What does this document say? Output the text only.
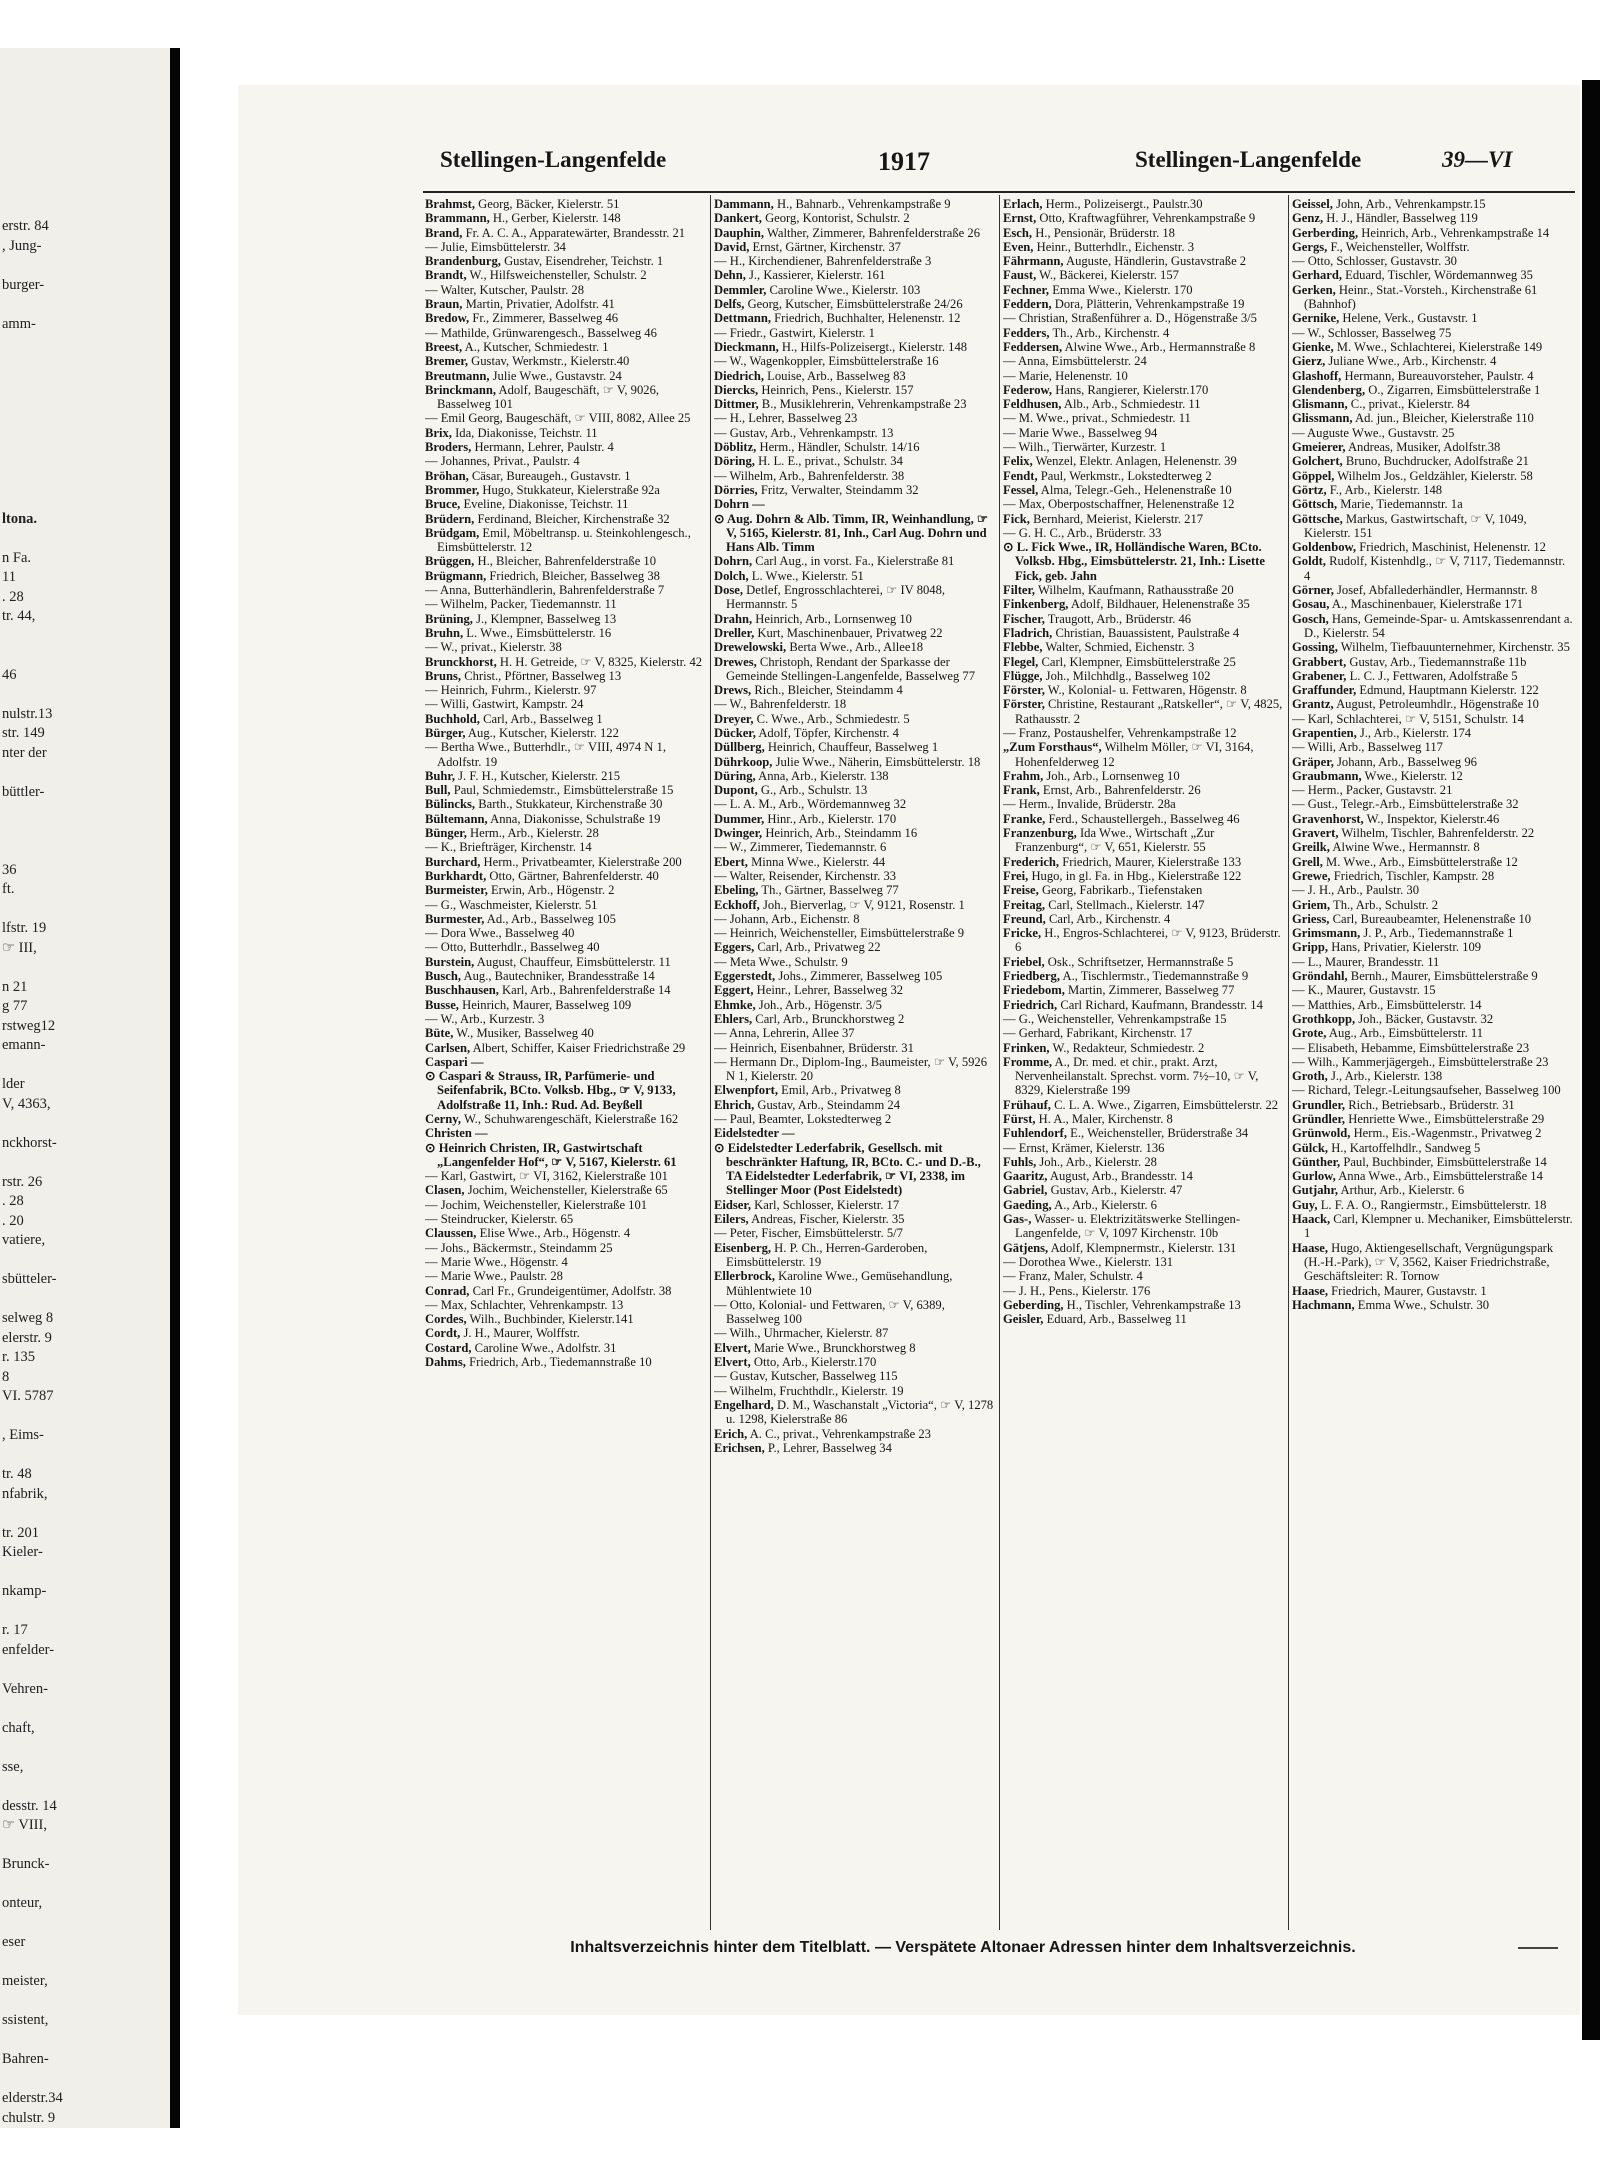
erstr. 84
, Jung-
burger-
amm-
ltona.
n Fa.
11
. 28
tr. 44,
46
nulstr.13
str. 149
nter der
büttler-
36
ft.
lfstr. 19
☞ III,
n 21
g 77
rstweg12
emann-
lder
V, 4363,
nckhorst-
rstr. 26
. 28
. 20
vatiere,
sbütteler-
selweg 8
elerstr. 9
r. 135
8
VI. 5787
, Eims-
tr. 48
nfabrik,
tr. 201
Kieler-
nkamp-
r. 17
enfelder-
Vehren-
chaft,
sse,
desstr. 14
☞ VIII,
Brunck-
onteur,
eser
meister,
ssistent,
Bahren-
elderstr.34
chulstr. 9
Stellingen-Langenfelde	1917	Stellingen-Langenfelde	39—VI

Brahmst, Georg, Bäcker, Kielerstr. 51

Brammann, H., Gerber, Kielerstr. 148

Brand, Fr. A. C. A., Apparatewärter, Brandesstr. 21

— Julie, Eimsbüttelerstr. 34

Brandenburg, Gustav, Eisendreher, Teichstr. 1

Brandt, W., Hilfsweichensteller, Schulstr. 2

— Walter, Kutscher, Paulstr. 28

Braun, Martin, Privatier, Adolfstr. 41

Bredow, Fr., Zimmerer, Basselweg 46

— Mathilde, Grünwarengesch., Basselweg 46

Breest, A., Kutscher, Schmiedestr. 1

Bremer, Gustav, Werkmstr., Kielerstr.40

Breutmann, Julie Wwe., Gustavstr. 24

Brinckmann, Adolf, Baugeschäft, ☞ V, 9026, Basselweg 101

— Emil Georg, Baugeschäft, ☞ VIII, 8082, Allee 25

Brix, Ida, Diakonisse, Teichstr. 11

Broders, Hermann, Lehrer, Paulstr. 4

— Johannes, Privat., Paulstr. 4

Bröhan, Cäsar, Bureaugeh., Gustavstr. 1

Brommer, Hugo, Stukkateur, Kielerstraße 92a

Bruce, Eveline, Diakonisse, Teichstr. 11

Brüdern, Ferdinand, Bleicher, Kirchenstraße 32

Brüdgam, Emil, Möbeltransp. u. Steinkohlengesch., Eimsbüttelerstr. 12

Brüggen, H., Bleicher, Bahrenfelderstraße 10

Brügmann, Friedrich, Bleicher, Basselweg 38

— Anna, Butterhändlerin, Bahrenfelderstraße 7

— Wilhelm, Packer, Tiedemannstr. 11

Brüning, J., Klempner, Basselweg 13

Bruhn, L. Wwe., Eimsbüttelerstr. 16

— W., privat., Kielerstr. 38

Brunckhorst, H. H. Getreide, ☞ V, 8325, Kielerstr. 42

Bruns, Christ., Pförtner, Basselweg 13

— Heinrich, Fuhrm., Kielerstr. 97

— Willi, Gastwirt, Kampstr. 24

Buchhold, Carl, Arb., Basselweg 1

Bürger, Aug., Kutscher, Kielerstr. 122

— Bertha Wwe., Butterhdlr., ☞ VIII, 4974 N 1, Adolfstr. 19

Buhr, J. F. H., Kutscher, Kielerstr. 215

Bull, Paul, Schmiedemstr., Eimsbüttelerstraße 15

Bülincks, Barth., Stukkateur, Kirchenstraße 30

Bültemann, Anna, Diakonisse, Schulstraße 19

Bünger, Herm., Arb., Kielerstr. 28

— K., Briefträger, Kirchenstr. 14

Burchard, Herm., Privatbeamter, Kielerstraße 200

Burkhardt, Otto, Gärtner, Bahrenfelderstr. 40

Burmeister, Erwin, Arb., Högenstr. 2

— G., Waschmeister, Kielerstr. 51

Burmester, Ad., Arb., Basselweg 105

— Dora Wwe., Basselweg 40

— Otto, Butterhdlr., Basselweg 40

Burstein, August, Chauffeur, Eimsbüttelerstr. 11

Busch, Aug., Bautechniker, Brandesstraße 14

Buschhausen, Karl, Arb., Bahrenfelderstraße 14

Busse, Heinrich, Maurer, Basselweg 109

— W., Arb., Kurzestr. 3

Büte, W., Musiker, Basselweg 40

Carlsen, Albert, Schiffer, Kaiser Friedrichstraße 29

Caspari —

⊙ Caspari & Strauss, IR, Parfümerie- und Seifenfabrik, BCto. Volksb. Hbg., ☞ V, 9133, Adolfstraße 11, Inh.: Rud. Ad. Beyßell

Cerny, W., Schuhwarengeschäft, Kielerstraße 162

Christen —

⊙ Heinrich Christen, IR, Gastwirtschaft „Langenfelder Hof“, ☞ V, 5167, Kielerstr. 61

— Karl, Gastwirt, ☞ VI, 3162, Kielerstraße 101

Clasen, Jochim, Weichensteller, Kielerstraße 65

— Jochim, Weichensteller, Kielerstraße 101

— Steindrucker, Kielerstr. 65

Claussen, Elise Wwe., Arb., Högenstr. 4

— Johs., Bäckermstr., Steindamm 25

— Marie Wwe., Högenstr. 4

— Marie Wwe., Paulstr. 28

Conrad, Carl Fr., Grundeigentümer, Adolfstr. 38

— Max, Schlachter, Vehrenkampstr. 13

Cordes, Wilh., Buchbinder, Kielerstr.141

Cordt, J. H., Maurer, Wolffstr.

Costard, Caroline Wwe., Adolfstr. 31

Dahms, Friedrich, Arb., Tiedemannstraße 10

Dammann, H., Bahnarb., Vehrenkampstraße 9

Dankert, Georg, Kontorist, Schulstr. 2

Dauphin, Walther, Zimmerer, Bahrenfelderstraße 26

David, Ernst, Gärtner, Kirchenstr. 37

— H., Kirchendiener, Bahrenfelderstraße 3

Dehn, J., Kassierer, Kielerstr. 161

Demmler, Caroline Wwe., Kielerstr. 103

Delfs, Georg, Kutscher, Eimsbüttelerstraße 24/26

Dettmann, Friedrich, Buchhalter, Helenenstr. 12

— Friedr., Gastwirt, Kielerstr. 1

Dieckmann, H., Hilfs-Polizeisergt., Kielerstr. 148

— W., Wagenkoppler, Eimsbüttelerstraße 16

Diedrich, Louise, Arb., Basselweg 83

Diercks, Heinrich, Pens., Kielerstr. 157

Dittmer, B., Musiklehrerin, Vehrenkampstraße 23

— H., Lehrer, Basselweg 23

— Gustav, Arb., Vehrenkampstr. 13

Döblitz, Herm., Händler, Schulstr. 14/16

Döring, H. L. E., privat., Schulstr. 34

— Wilhelm, Arb., Bahrenfelderstr. 38

Dörries, Fritz, Verwalter, Steindamm 32

Dohrn —

⊙ Aug. Dohrn & Alb. Timm, IR, Weinhandlung, ☞ V, 5165, Kielerstr. 81, Inh., Carl Aug. Dohrn und Hans Alb. Timm

Dohrn, Carl Aug., in vorst. Fa., Kielerstraße 81

Dolch, L. Wwe., Kielerstr. 51

Dose, Detlef, Engrosschlachterei, ☞ IV 8048, Hermannstr. 5

Drahn, Heinrich, Arb., Lornsenweg 10

Dreller, Kurt, Maschinenbauer, Privatweg 22

Drewelowski, Berta Wwe., Arb., Allee18

Drewes, Christoph, Rendant der Sparkasse der Gemeinde Stellingen-Langenfelde, Basselweg 77

Drews, Rich., Bleicher, Steindamm 4

— W., Bahrenfelderstr. 18

Dreyer, C. Wwe., Arb., Schmiedestr. 5

Dücker, Adolf, Töpfer, Kirchenstr. 4

Düllberg, Heinrich, Chauffeur, Basselweg 1

Dührkoop, Julie Wwe., Näherin, Eimsbüttelerstr. 18

Düring, Anna, Arb., Kielerstr. 138

Dupont, G., Arb., Schulstr. 13

— L. A. M., Arb., Wördemannweg 32

Dummer, Hinr., Arb., Kielerstr. 170

Dwinger, Heinrich, Arb., Steindamm 16

— W., Zimmerer, Tiedemannstr. 6

Ebert, Minna Wwe., Kielerstr. 44

— Walter, Reisender, Kirchenstr. 33

Ebeling, Th., Gärtner, Basselweg 77

Eckhoff, Joh., Bierverlag, ☞ V, 9121, Rosenstr. 1

— Johann, Arb., Eichenstr. 8

— Heinrich, Weichensteller, Eimsbüttelerstraße 9

Eggers, Carl, Arb., Privatweg 22

— Meta Wwe., Schulstr. 9

Eggerstedt, Johs., Zimmerer, Basselweg 105

Eggert, Heinr., Lehrer, Basselweg 32

Ehmke, Joh., Arb., Högenstr. 3/5

Ehlers, Carl, Arb., Brunckhorstweg 2

— Anna, Lehrerin, Allee 37

— Heinrich, Eisenbahner, Brüderstr. 31

— Hermann Dr., Diplom-Ing., Baumeister, ☞ V, 5926 N 1, Kielerstr. 20

Elwenpfort, Emil, Arb., Privatweg 8

Ehrich, Gustav, Arb., Steindamm 24

— Paul, Beamter, Lokstedterweg 2

Eidelstedter —

⊙ Eidelstedter Lederfabrik, Gesellsch. mit beschränkter Haftung, IR, BCto. C.- und D.-B., TA Eidelstedter Lederfabrik, ☞ VI, 2338, im Stellinger Moor (Post Eidelstedt)

Eidser, Karl, Schlosser, Kielerstr. 17

Eilers, Andreas, Fischer, Kielerstr. 35

— Peter, Fischer, Eimsbüttelerstr. 5/7

Eisenberg, H. P. Ch., Herren-Garderoben, Eimsbüttelerstr. 19

Ellerbrock, Karoline Wwe., Gemüsehandlung, Mühlentwiete 10

— Otto, Kolonial- und Fettwaren, ☞ V, 6389, Basselweg 100

— Wilh., Uhrmacher, Kielerstr. 87

Elvert, Marie Wwe., Brunckhorstweg 8

Elvert, Otto, Arb., Kielerstr.170

— Gustav, Kutscher, Basselweg 115

— Wilhelm, Fruchthdlr., Kielerstr. 19

Engelhard, D. M., Waschanstalt „Victoria“, ☞ V, 1278 u. 1298, Kielerstraße 86

Erich, A. C., privat., Vehrenkampstraße 23

Erichsen, P., Lehrer, Basselweg 34

Erlach, Herm., Polizeisergt., Paulstr.30

Ernst, Otto, Kraftwagführer, Vehrenkampstraße 9

Esch, H., Pensionär, Brüderstr. 18

Even, Heinr., Butterhdlr., Eichenstr. 3

Fährmann, Auguste, Händlerin, Gustavstraße 2

Faust, W., Bäckerei, Kielerstr. 157

Fechner, Emma Wwe., Kielerstr. 170

Feddern, Dora, Plätterin, Vehrenkampstraße 19

— Christian, Straßenführer a. D., Högenstraße 3/5

Fedders, Th., Arb., Kirchenstr. 4

Feddersen, Alwine Wwe., Arb., Hermannstraße 8

— Anna, Eimsbüttelerstr. 24

— Marie, Helenenstr. 10

Federow, Hans, Rangierer, Kielerstr.170

Feldhusen, Alb., Arb., Schmiedestr. 11

— M. Wwe., privat., Schmiedestr. 11

— Marie Wwe., Basselweg 94

— Wilh., Tierwärter, Kurzestr. 1

Felix, Wenzel, Elektr. Anlagen, Helenenstr. 39

Fendt, Paul, Werkmstr., Lokstedterweg 2

Fessel, Alma, Telegr.-Geh., Helenenstraße 10

— Max, Oberpostschaffner, Helenenstraße 12

Fick, Bernhard, Meierist, Kielerstr. 217

— G. H. C., Arb., Brüderstr. 33

⊙ L. Fick Wwe., IR, Holländische Waren, BCto. Volksb. Hbg., Eimsbüttelerstr. 21, Inh.: Lisette Fick, geb. Jahn

Filter, Wilhelm, Kaufmann, Rathausstraße 20

Finkenberg, Adolf, Bildhauer, Helenenstraße 35

Fischer, Traugott, Arb., Brüderstr. 46

Fladrich, Christian, Bauassistent, Paulstraße 4

Flebbe, Walter, Schmied, Eichenstr. 3

Flegel, Carl, Klempner, Eimsbüttelerstraße 25

Flügge, Joh., Milchhdlg., Basselweg 102

Förster, W., Kolonial- u. Fettwaren, Högenstr. 8

Förster, Christine, Restaurant „Ratskeller“, ☞ V, 4825, Rathausstr. 2

— Franz, Postaushelfer, Vehrenkampstraße 12

„Zum Forsthaus“, Wilhelm Möller, ☞ VI, 3164, Hohenfelderweg 12

Frahm, Joh., Arb., Lornsenweg 10

Frank, Ernst, Arb., Bahrenfelderstr. 26

— Herm., Invalide, Brüderstr. 28a

Franke, Ferd., Schaustellergeh., Basselweg 46

Franzenburg, Ida Wwe., Wirtschaft „Zur Franzenburg“, ☞ V, 651, Kielerstr. 55

Frederich, Friedrich, Maurer, Kielerstraße 133

Frei, Hugo, in gl. Fa. in Hbg., Kielerstraße 122

Freise, Georg, Fabrikarb., Tiefenstaken

Freitag, Carl, Stellmach., Kielerstr. 147

Freund, Carl, Arb., Kirchenstr. 4

Fricke, H., Engros-Schlachterei, ☞ V, 9123, Brüderstr. 6

Friebel, Osk., Schriftsetzer, Hermannstraße 5

Friedberg, A., Tischlermstr., Tiedemannstraße 9

Friedebom, Martin, Zimmerer, Basselweg 77

Friedrich, Carl Richard, Kaufmann, Brandesstr. 14

— G., Weichensteller, Vehrenkampstraße 15

— Gerhard, Fabrikant, Kirchenstr. 17

Frinken, W., Redakteur, Schmiedestr. 2

Fromme, A., Dr. med. et chir., prakt. Arzt, Nervenheilanstalt. Sprechst. vorm. 7½–10, ☞ V, 8329, Kielerstraße 199

Frühauf, C. L. A. Wwe., Zigarren, Eimsbüttelerstr. 22

Fürst, H. A., Maler, Kirchenstr. 8

Fuhlendorf, E., Weichensteller, Brüderstraße 34

— Ernst, Krämer, Kielerstr. 136

Fuhls, Joh., Arb., Kielerstr. 28

Gaaritz, August, Arb., Brandesstr. 14

Gabriel, Gustav, Arb., Kielerstr. 47

Gaeding, A., Arb., Kielerstr. 6

Gas-, Wasser- u. Elektrizitätswerke Stellingen-Langenfelde, ☞ V, 1097 Kirchenstr. 10b

Gätjens, Adolf, Klempnermstr., Kielerstr. 131

— Dorothea Wwe., Kielerstr. 131

— Franz, Maler, Schulstr. 4

— J. H., Pens., Kielerstr. 176

Geberding, H., Tischler, Vehrenkampstraße 13

Geisler, Eduard, Arb., Basselweg 11

Geissel, John, Arb., Vehrenkampstr.15

Genz, H. J., Händler, Basselweg 119

Gerberding, Heinrich, Arb., Vehrenkampstraße 14

Gergs, F., Weichensteller, Wolffstr.

— Otto, Schlosser, Gustavstr. 30

Gerhard, Eduard, Tischler, Wördemannweg 35

Gerken, Heinr., Stat.-Vorsteh., Kirchenstraße 61 (Bahnhof)

Gernike, Helene, Verk., Gustavstr. 1

— W., Schlosser, Basselweg 75

Gienke, M. Wwe., Schlachterei, Kielerstraße 149

Gierz, Juliane Wwe., Arb., Kirchenstr. 4

Glashoff, Hermann, Bureauvorsteher, Paulstr. 4

Glendenberg, O., Zigarren, Eimsbüttelerstraße 1

Glismann, C., privat., Kielerstr. 84

Glissmann, Ad. jun., Bleicher, Kielerstraße 110

— Auguste Wwe., Gustavstr. 25

Gmeierer, Andreas, Musiker, Adolfstr.38

Golchert, Bruno, Buchdrucker, Adolfstraße 21

Göppel, Wilhelm Jos., Geldzähler, Kielerstr. 58

Görtz, F., Arb., Kielerstr. 148

Göttsch, Marie, Tiedemannstr. 1a

Göttsche, Markus, Gastwirtschaft, ☞ V, 1049, Kielerstr. 151

Goldenbow, Friedrich, Maschinist, Helenenstr. 12

Goldt, Rudolf, Kistenhdlg., ☞ V, 7117, Tiedemannstr. 4

Görner, Josef, Abfallederhändler, Hermannstr. 8

Gosau, A., Maschinenbauer, Kielerstraße 171

Gosch, Hans, Gemeinde-Spar- u. Amtskassenrendant a. D., Kielerstr. 54

Gossing, Wilhelm, Tiefbauunternehmer, Kirchenstr. 35

Grabbert, Gustav, Arb., Tiedemannstraße 11b

Grabener, L. C. J., Fettwaren, Adolfstraße 5

Graffunder, Edmund, Hauptmann Kielerstr. 122

Grantz, August, Petroleumhdlr., Högenstraße 10

— Karl, Schlachterei, ☞ V, 5151, Schulstr. 14

Grapentien, J., Arb., Kielerstr. 174

— Willi, Arb., Basselweg 117

Gräper, Johann, Arb., Basselweg 96

Graubmann, Wwe., Kielerstr. 12

— Herm., Packer, Gustavstr. 21

— Gust., Telegr.-Arb., Eimsbüttelerstraße 32

Gravenhorst, W., Inspektor, Kielerstr.46

Gravert, Wilhelm, Tischler, Bahrenfelderstr. 22

Greilk, Alwine Wwe., Hermannstr. 8

Grell, M. Wwe., Arb., Eimsbüttelerstraße 12

Grewe, Friedrich, Tischler, Kampstr. 28

— J. H., Arb., Paulstr. 30

Griem, Th., Arb., Schulstr. 2

Griess, Carl, Bureaubeamter, Helenenstraße 10

Grimsmann, J. P., Arb., Tiedemannstraße 1

Gripp, Hans, Privatier, Kielerstr. 109

— L., Maurer, Brandesstr. 11

Gröndahl, Bernh., Maurer, Eimsbüttelerstraße 9

— K., Maurer, Gustavstr. 15

— Matthies, Arb., Eimsbüttelerstr. 14

Grothkopp, Joh., Bäcker, Gustavstr. 32

Grote, Aug., Arb., Eimsbüttelerstr. 11

— Elisabeth, Hebamme, Eimsbüttelerstraße 23

— Wilh., Kammerjägergeh., Eimsbüttelerstraße 23

Groth, J., Arb., Kielerstr. 138

— Richard, Telegr.-Leitungsaufseher, Basselweg 100

Grundler, Rich., Betriebsarb., Brüderstr. 31

Gründler, Henriette Wwe., Eimsbüttelerstraße 29

Grünwold, Herm., Eis.-Wagenmstr., Privatweg 2

Gülck, H., Kartoffelhdlr., Sandweg 5

Günther, Paul, Buchbinder, Eimsbüttelerstraße 14

Gurlow, Anna Wwe., Arb., Eimsbüttelerstraße 14

Gutjahr, Arthur, Arb., Kielerstr. 6

Guy, L. F. A. O., Rangiermstr., Eimsbüttelerstr. 18

Haack, Carl, Klempner u. Mechaniker, Eimsbüttelerstr. 1

Haase, Hugo, Aktiengesellschaft, Vergnügungspark (H.-H.-Park), ☞ V, 3562, Kaiser Friedrichstraße, Geschäftsleiter: R. Tornow

Haase, Friedrich, Maurer, Gustavstr. 1

Hachmann, Emma Wwe., Schulstr. 30

Inhaltsverzeichnis hinter dem Titelblatt. — Verspätete Altonaer Adressen hinter dem Inhaltsverzeichnis.
